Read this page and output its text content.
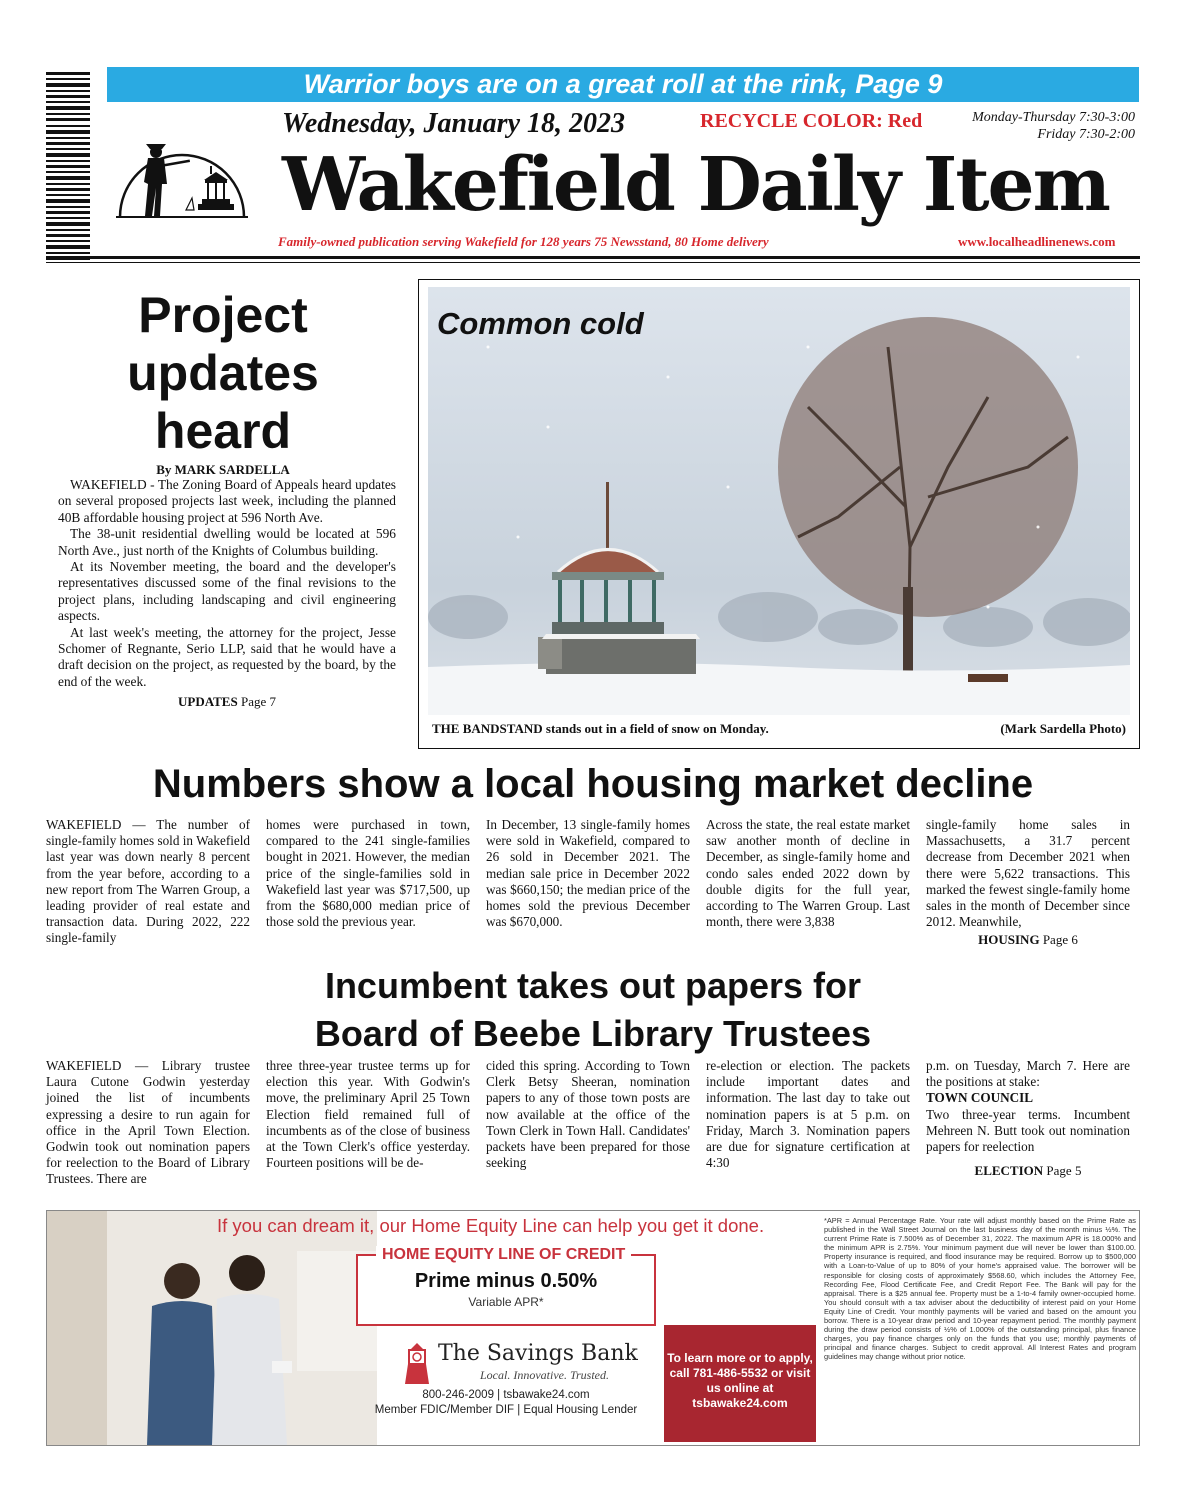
Warrior boys are on a great roll at the rink, Page 9
Wednesday, January 18, 2023	RECYCLE COLOR: Red	Monday-Thursday 7:30-3:00
Friday 7:30-2:00
Wakefield Daily Item
Family-owned publication serving Wakefield for 128 years 75 Newsstand, 80 Home delivery	www.localheadlinenews.com
Project updates heard
By MARK SARDELLA

WAKEFIELD - The Zoning Board of Appeals heard updates on several proposed projects last week, including the planned 40B affordable housing project at 596 North Ave.

The 38-unit residential dwelling would be located at 596 North Ave., just north of the Knights of Columbus building.

At its November meeting, the board and the developer's representatives discussed some of the final revisions to the project plans, including landscaping and civil engineering aspects.

At last week's meeting, the attorney for the project, Jesse Schomer of Regnante, Serio LLP, said that he would have a draft decision on the project, as requested by the board, by the end of the week.

UPDATES Page 7
Common cold
THE BANDSTAND stands out in a field of snow on Monday.	(Mark Sardella Photo)
Numbers show a local housing market decline
WAKEFIELD — The number of single-family homes sold in Wakefield last year was down nearly 8 percent from the year before, according to a new report from The Warren Group, a leading provider of real estate and transaction data. During 2022, 222 single-family
homes were purchased in town, compared to the 241 single-families bought in 2021. However, the median price of the single-families sold in Wakefield last year was $717,500, up from the $680,000 median price of those sold the previous year.
In December, 13 single-family homes were sold in Wakefield, compared to 26 sold in December 2021. The median sale price in December 2022 was $660,150; the median price of the homes sold the previous December was $670,000.
Across the state, the real estate market saw another month of decline in December, as single-family home and condo sales ended 2022 down by double digits for the full year, according to The Warren Group. Last month, there were 3,838
single-family home sales in Massachusetts, a 31.7 percent decrease from December 2021 when there were 5,622 transactions. This marked the fewest single-family home sales in the month of December since 2012. Meanwhile,
HOUSING Page 6
Incumbent takes out papers for
Board of Beebe Library Trustees
WAKEFIELD — Library trustee Laura Cutone Godwin yesterday joined the list of incumbents expressing a desire to run again for office in the April Town Election. Godwin took out nomination papers for reelection to the Board of Library Trustees. There are
three three-year trustee terms up for election this year. With Godwin's move, the preliminary April 25 Town Election field remained full of incumbents as of the close of business at the Town Clerk's office yesterday. Fourteen positions will be de-
cided this spring. According to Town Clerk Betsy Sheeran, nomination papers to any of those town posts are now available at the office of the Town Clerk in Town Hall. Candidates' packets have been prepared for those seeking
re-election or election. The packets include important dates and information. The last day to take out nomination papers is at 5 p.m. on Friday, March 3. Nomination papers are due for signature certification at 4:30
p.m. on Tuesday, March 7. Here are the positions at stake:
TOWN COUNCIL
Two three-year terms. Incumbent Mehreen N. Butt took out nomination papers for reelection
ELECTION Page 5
If you can dream it, our Home Equity Line can help you get it done.
HOME EQUITY LINE OF CREDIT
Prime minus 0.50%
Variable APR*
The Savings Bank
Local. Innovative. Trusted.
800-246-2009 | tsbawake24.com
Member FDIC/Member DIF | Equal Housing Lender
To learn more or to apply, call 781-486-5532 or visit us online at tsbawake24.com
*APR = Annual Percentage Rate. Your rate will adjust monthly based on the Prime Rate as published in the Wall Street Journal on the last business day of the month minus ½%. The current Prime Rate is 7.500% as of December 31, 2022. The maximum APR is 18.000% and the minimum APR is 2.75%. Your minimum payment due will never be lower than $100.00. Property insurance is required, and flood insurance may be required. Borrow up to $500,000 with a Loan-to-Value of up to 80% of your home's appraised value. The borrower will be responsible for closing costs of approximately $568.60, which includes the Attorney Fee, Recording Fee, Flood Certificate Fee, and Credit Report Fee. The Bank will pay for the appraisal. There is a $25 annual fee. Property must be a 1-to-4 family owner-occupied home. You should consult with a tax adviser about the deductibility of interest paid on your Home Equity Line of Credit. Your monthly payments will be varied and based on the amount you borrow. There is a 10-year draw period and 10-year repayment period. The monthly payment during the draw period consists of ½% of 1.000% of the outstanding principal, plus finance charges, you pay finance charges only on the funds that you use; monthly payments of principal and finance charges. Subject to credit approval. All Interest Rates and program guidelines may change without prior notice.
